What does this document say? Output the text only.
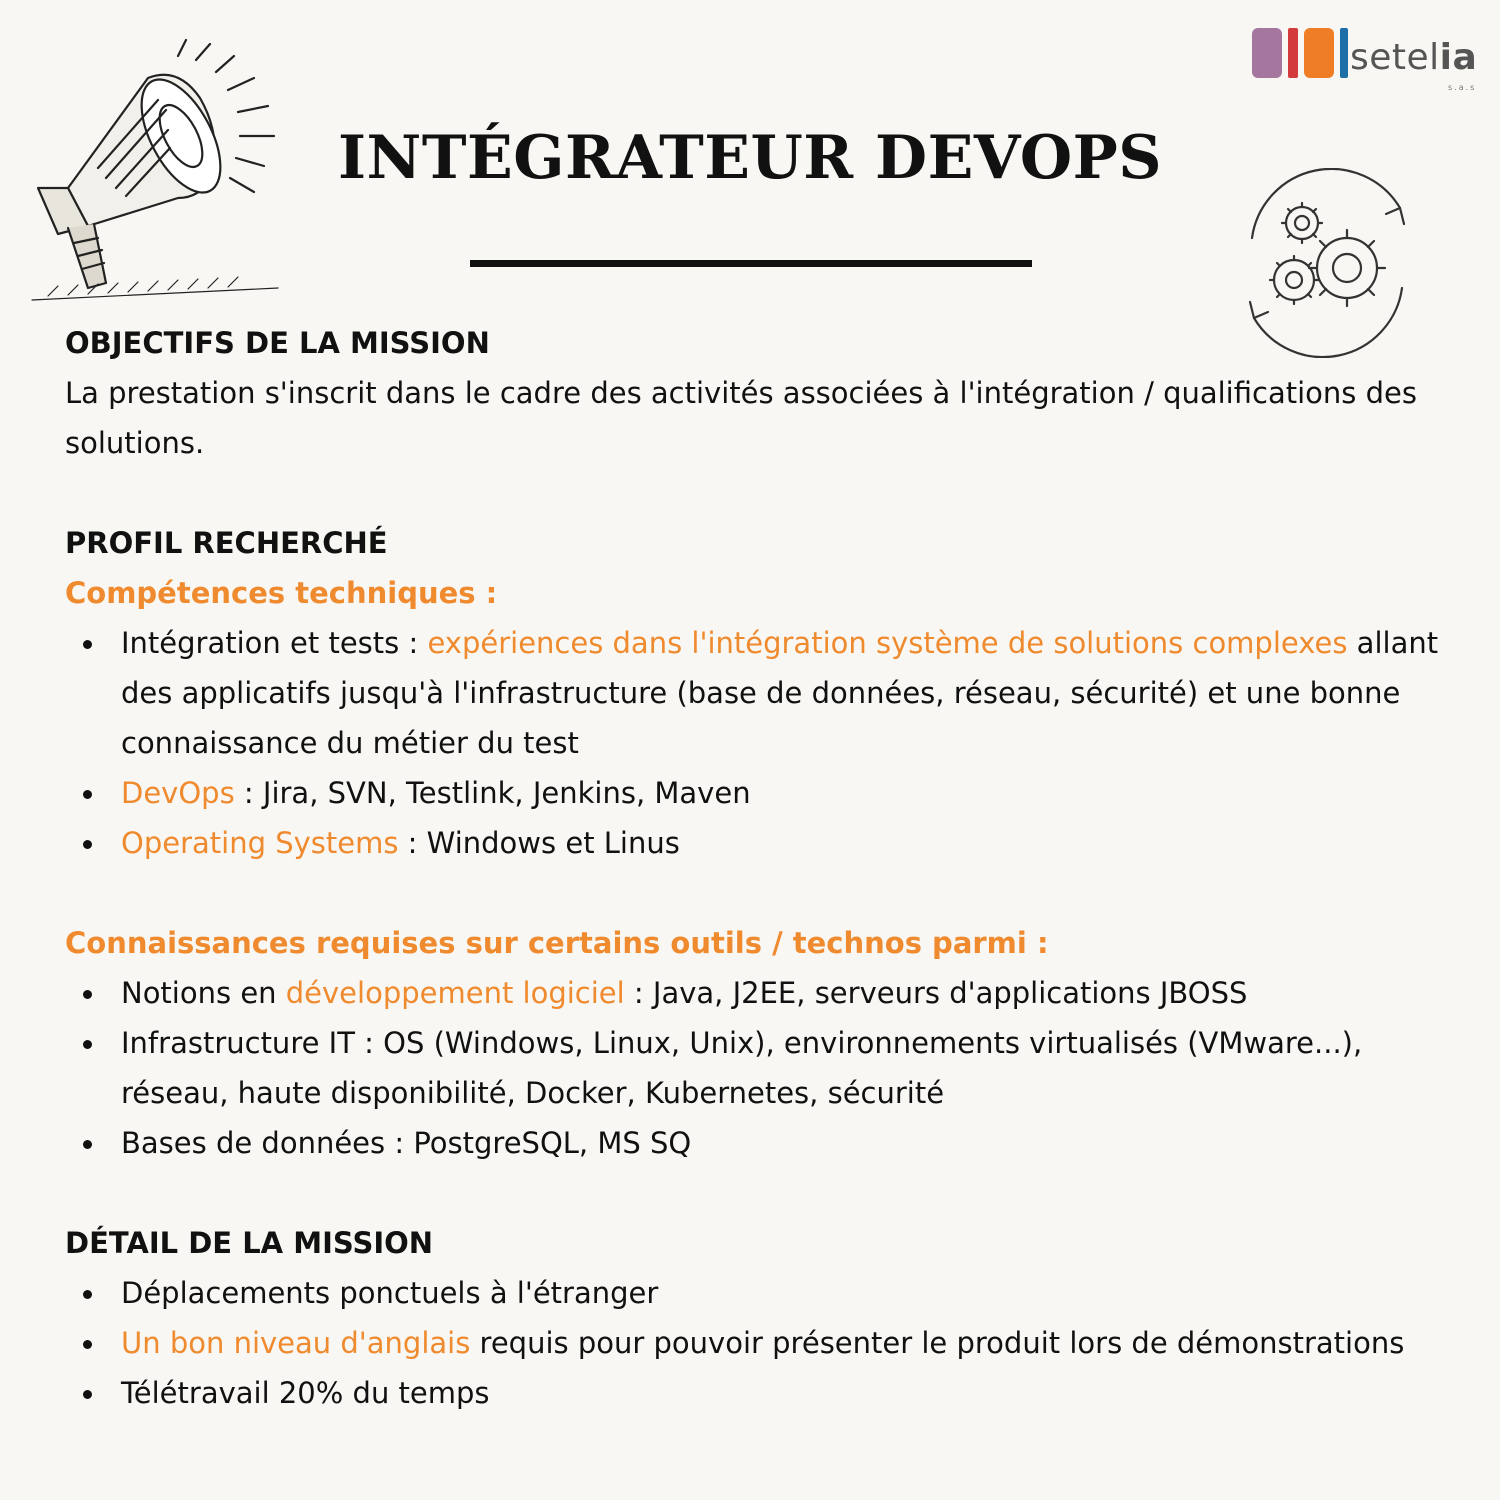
setelia
s.a.s
INTÉGRATEUR DEVOPS

OBJECTIFS DE LA MISSION

La prestation s'inscrit dans le cadre des activités associées à l'intégration / qualifications des solutions.

PROFIL RECHERCHÉ

Compétences techniques :

Intégration et tests : expériences dans l'intégration système de solutions complexes allant des applicatifs jusqu'à l'infrastructure (base de données, réseau, sécurité) et une bonne connaissance du métier du test
DevOps : Jira, SVN, Testlink, Jenkins, Maven
Operating Systems : Windows et Linus

Connaissances requises sur certains outils / technos parmi :

Notions en développement logiciel : Java, J2EE, serveurs d'applications JBOSS
Infrastructure IT : OS (Windows, Linux, Unix), environnements virtualisés (VMware...), réseau, haute disponibilité, Docker, Kubernetes, sécurité
Bases de données : PostgreSQL, MS SQ

DÉTAIL DE LA MISSION

Déplacements ponctuels à l'étranger
Un bon niveau d'anglais requis pour pouvoir présenter le produit lors de démonstrations
Télétravail 20% du temps
